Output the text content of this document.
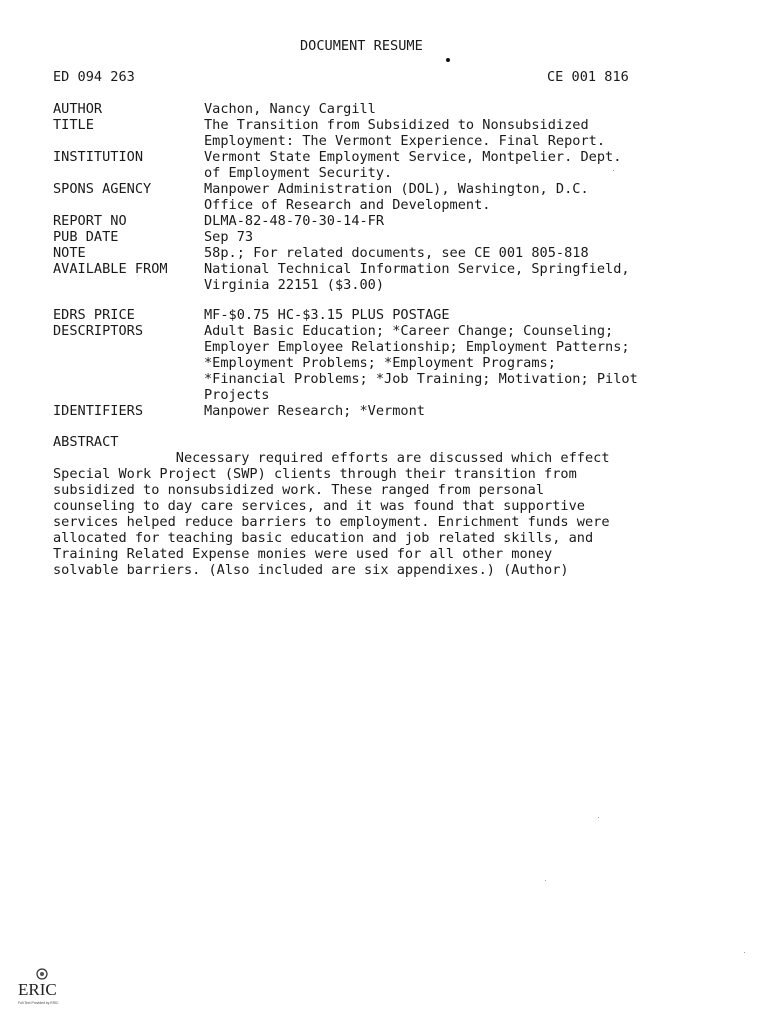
DOCUMENT RESUME
ED 094 263	CE 001 816
AUTHOR	Vachon, Nancy Cargill
TITLE	The Transition from Subsidized to Nonsubsidized
Employment: The Vermont Experience. Final Report.
INSTITUTION	Vermont State Employment Service, Montpelier. Dept.
of Employment Security.
SPONS AGENCY	Manpower Administration (DOL), Washington, D.C.
Office of Research and Development.
REPORT NO	DLMA-82-48-70-30-14-FR
PUB DATE	Sep 73
NOTE	58p.; For related documents, see CE 001 805-818
AVAILABLE FROM	National Technical Information Service, Springfield,
Virginia 22151 ($3.00)
EDRS PRICE	MF-$0.75 HC-$3.15 PLUS POSTAGE
DESCRIPTORS	Adult Basic Education; *Career Change; Counseling;
Employer Employee Relationship; Employment Patterns;
*Employment Problems; *Employment Programs;
*Financial Problems; *Job Training; Motivation; Pilot
Projects
IDENTIFIERS	Manpower Research; *Vermont
ABSTRACT
Necessary required efforts are discussed which effect
Special Work Project (SWP) clients through their transition from
subsidized to nonsubsidized work. These ranged from personal
counseling to day care services, and it was found that supportive
services helped reduce barriers to employment. Enrichment funds were
allocated for teaching basic education and job related skills, and
Training Related Expense monies were used for all other money
solvable barriers. (Also included are six appendixes.) (Author)
ERIC
Full Text Provided by ERIC
